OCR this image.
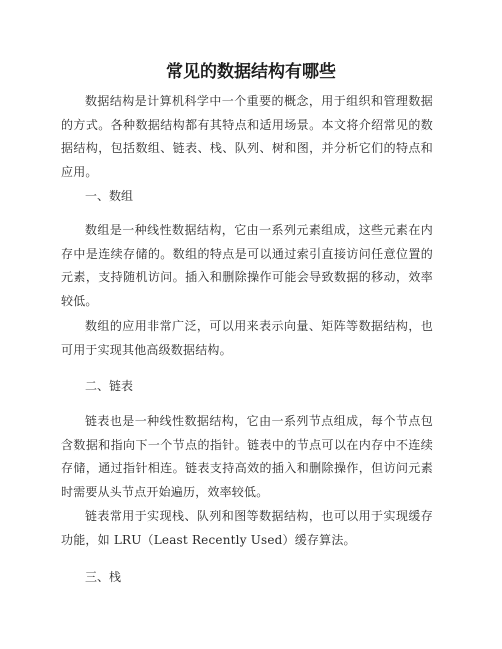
常见的数据结构有哪些

数据结构是计算机科学中一个重要的概念，用于组织和管理数据的方式。各种数据结构都有其特点和适用场景。本文将介绍常见的数据结构，包括数组、链表、栈、队列、树和图，并分析它们的特点和应用。

一、数组

数组是一种线性数据结构，它由一系列元素组成，这些元素在内存中是连续存储的。数组的特点是可以通过索引直接访问任意位置的元素，支持随机访问。插入和删除操作可能会导致数据的移动，效率较低。

数组的应用非常广泛，可以用来表示向量、矩阵等数据结构，也可用于实现其他高级数据结构。

二、链表

链表也是一种线性数据结构，它由一系列节点组成，每个节点包含数据和指向下一个节点的指针。链表中的节点可以在内存中不连续存储，通过指针相连。链表支持高效的插入和删除操作，但访问元素时需要从头节点开始遍历，效率较低。

链表常用于实现栈、队列和图等数据结构，也可以用于实现缓存功能，如 LRU（Least Recently Used）缓存算法。

三、栈
